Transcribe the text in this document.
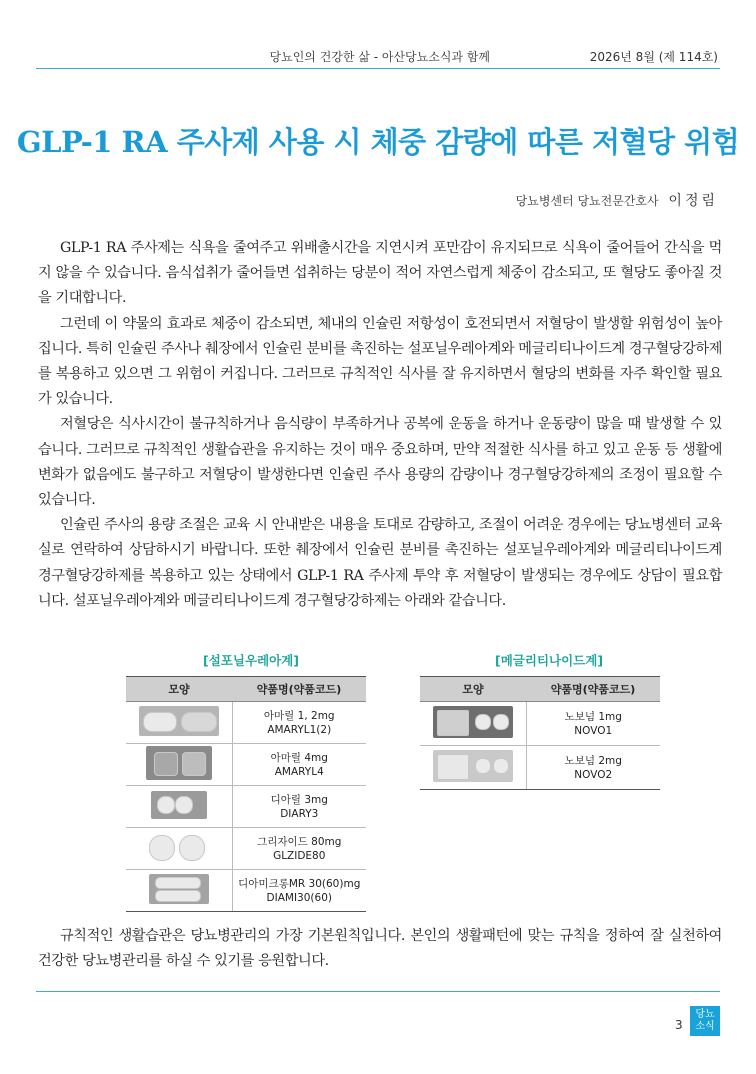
당뇨인의 건강한 삶 - 아산당뇨소식과 함께	2026년 8월 (제 114호)
GLP-1 RA 주사제 사용 시 체중 감량에 따른 저혈당 위험
당뇨병센터 당뇨전문간호사 이정림

GLP-1 RA 주사제는 식욕을 줄여주고 위배출시간을 지연시켜 포만감이 유지되므로 식욕이 줄어들어 간식을 먹지 않을 수 있습니다. 음식섭취가 줄어들면 섭취하는 당분이 적어 자연스럽게 체중이 감소되고, 또 혈당도 좋아질 것을 기대합니다.

그런데 이 약물의 효과로 체중이 감소되면, 체내의 인슐린 저항성이 호전되면서 저혈당이 발생할 위험성이 높아집니다. 특히 인슐린 주사나 췌장에서 인슐린 분비를 촉진하는 설포닐우레아계와 메글리티나이드계 경구혈당강하제를 복용하고 있으면 그 위험이 커집니다. 그러므로 규칙적인 식사를 잘 유지하면서 혈당의 변화를 자주 확인할 필요가 있습니다.

저혈당은 식사시간이 불규칙하거나 음식량이 부족하거나 공복에 운동을 하거나 운동량이 많을 때 발생할 수 있습니다. 그러므로 규칙적인 생활습관을 유지하는 것이 매우 중요하며, 만약 적절한 식사를 하고 있고 운동 등 생활에 변화가 없음에도 불구하고 저혈당이 발생한다면 인슐린 주사 용량의 감량이나 경구혈당강하제의 조정이 필요할 수 있습니다.

인슐린 주사의 용량 조절은 교육 시 안내받은 내용을 토대로 감량하고, 조절이 어려운 경우에는 당뇨병센터 교육실로 연락하여 상담하시기 바랍니다. 또한 췌장에서 인슐린 분비를 촉진하는 설포닐우레아계와 메글리티나이드계 경구혈당강하제를 복용하고 있는 상태에서 GLP-1 RA 주사제 투약 후 저혈당이 발생되는 경우에도 상담이 필요합니다. 설포닐우레아계와 메글리티나이드계 경구혈당강하제는 아래와 같습니다.

[설포닐우레아계]
모양	약품명(약품코드)

	아마릴 1, 2mg
AMARYL1(2)

	아마릴 4mg
AMARYL4

	디아릴 3mg
DIARY3

	그리자이드 80mg
GLZIDE80

	디아미크롱MR 30(60)mg
DIAMI30(60)
[메글리티나이드계]
모양	약품명(약품코드)

	노보넘 1mg
NOVO1

	노보넘 2mg
NOVO2

규칙적인 생활습관은 당뇨병관리의 가장 기본원칙입니다. 본인의 생활패턴에 맞는 규칙을 정하여 잘 실천하여 건강한 당뇨병관리를 하실 수 있기를 응원합니다.

3
당뇨
소식
